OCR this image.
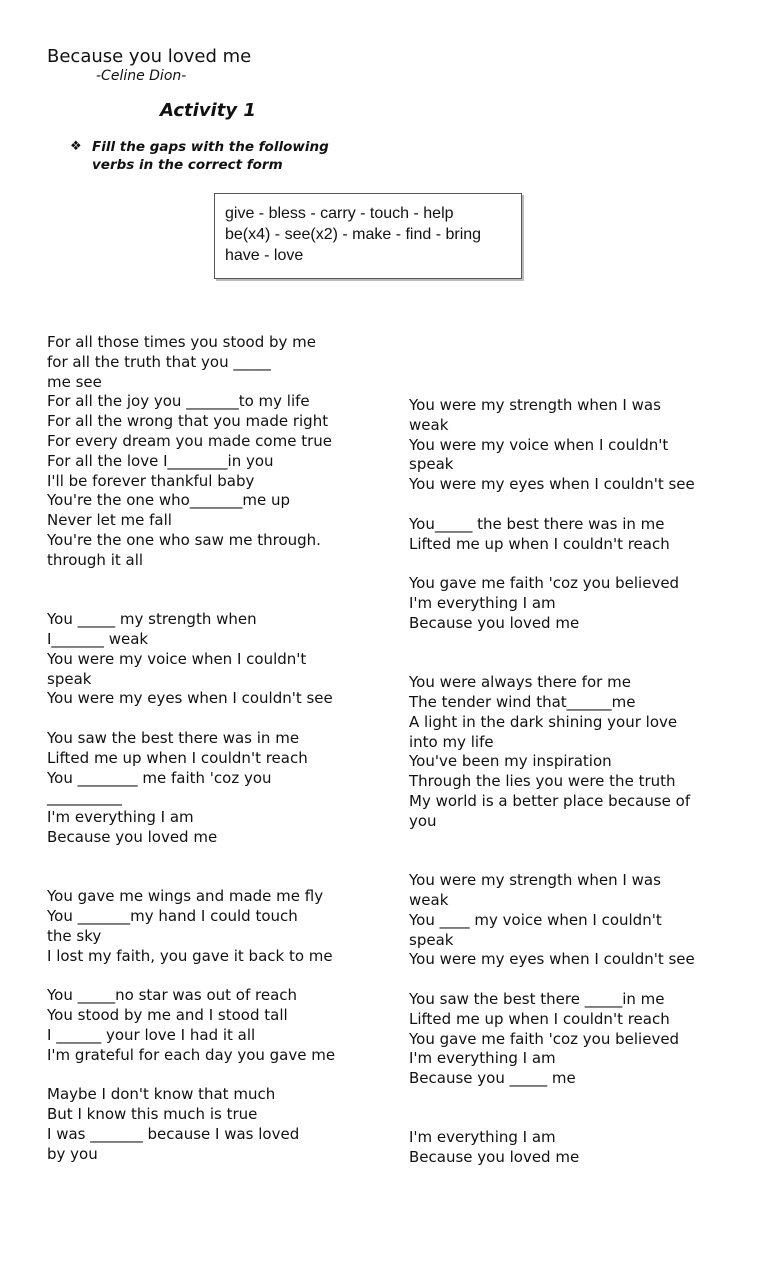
Because you loved me
-Celine Dion-
Activity 1
❖ Fill the gaps with the following
verbs in the correct form
give - bless - carry - touch - help
be(x4) - see(x2) - make - find - bring
have - love
For all those times you stood by me
for all the truth that you _____
me see
For all the joy you _______to my life
For all the wrong that you made right
For every dream you made come true
For all the love I________in you
I'll be forever thankful baby
You're the one who_______me up
Never let me fall
You're the one who saw me through.
through it all
You _____ my strength when
I_______ weak
You were my voice when I couldn't
speak
You were my eyes when I couldn't see
You saw the best there was in me
Lifted me up when I couldn't reach
You ________ me faith 'coz you
__________
I'm everything I am
Because you loved me
You gave me wings and made me fly
You _______my hand I could touch
the sky
I lost my faith, you gave it back to me
You _____no star was out of reach
You stood by me and I stood tall
I ______ your love I had it all
I'm grateful for each day you gave me
Maybe I don't know that much
But I know this much is true
I was _______ because I was loved
by you
You were my strength when I was
weak
You were my voice when I couldn't
speak
You were my eyes when I couldn't see
You_____ the best there was in me
Lifted me up when I couldn't reach
You gave me faith 'coz you believed
I'm everything I am
Because you loved me
You were always there for me
The tender wind that______me
A light in the dark shining your love
into my life
You've been my inspiration
Through the lies you were the truth
My world is a better place because of
you
You were my strength when I was
weak
You ____ my voice when I couldn't
speak
You were my eyes when I couldn't see
You saw the best there _____in me
Lifted me up when I couldn't reach
You gave me faith 'coz you believed
I'm everything I am
Because you _____ me
I'm everything I am
Because you loved me
